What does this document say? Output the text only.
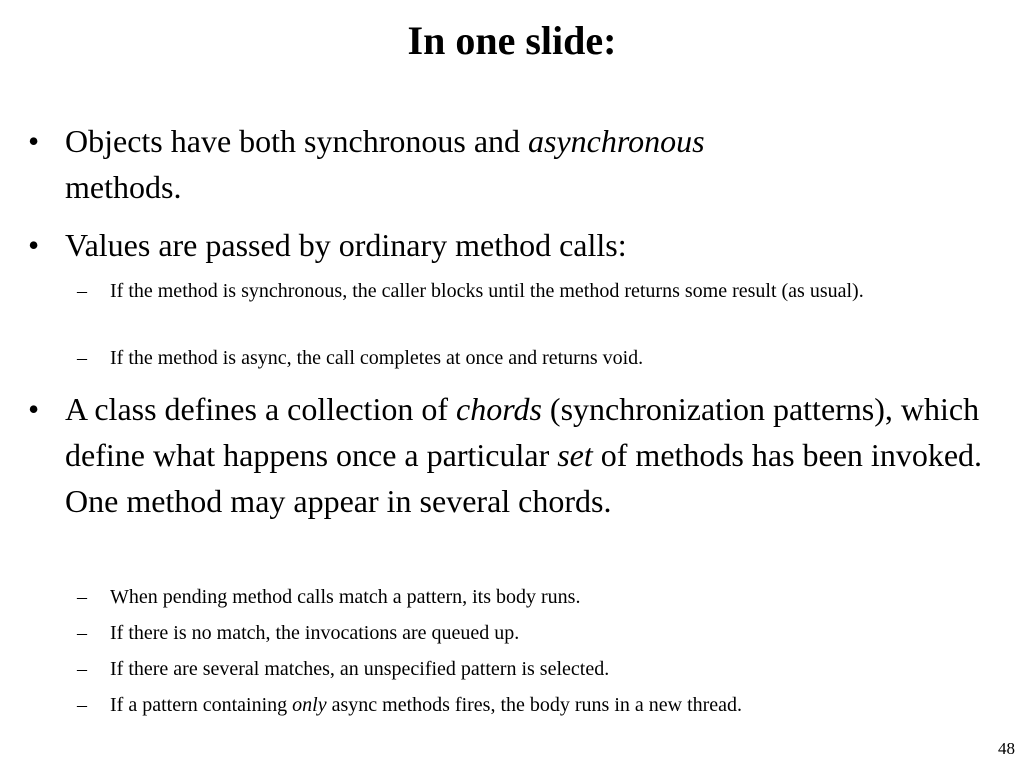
In one slide:
• Objects have both synchronous and asynchronous
methods.
• Values are passed by ordinary method calls:
– If the method is synchronous, the caller blocks until the method returns some result (as usual).
– If the method is async, the call completes at once and returns void.
• A class defines a collection of chords (synchronization patterns), which define what happens once a particular set of methods has been invoked. One method may appear in several chords.
– When pending method calls match a pattern, its body runs.
– If there is no match, the invocations are queued up.
– If there are several matches, an unspecified pattern is selected.
– If a pattern containing only async methods fires, the body runs in a new thread.
48
